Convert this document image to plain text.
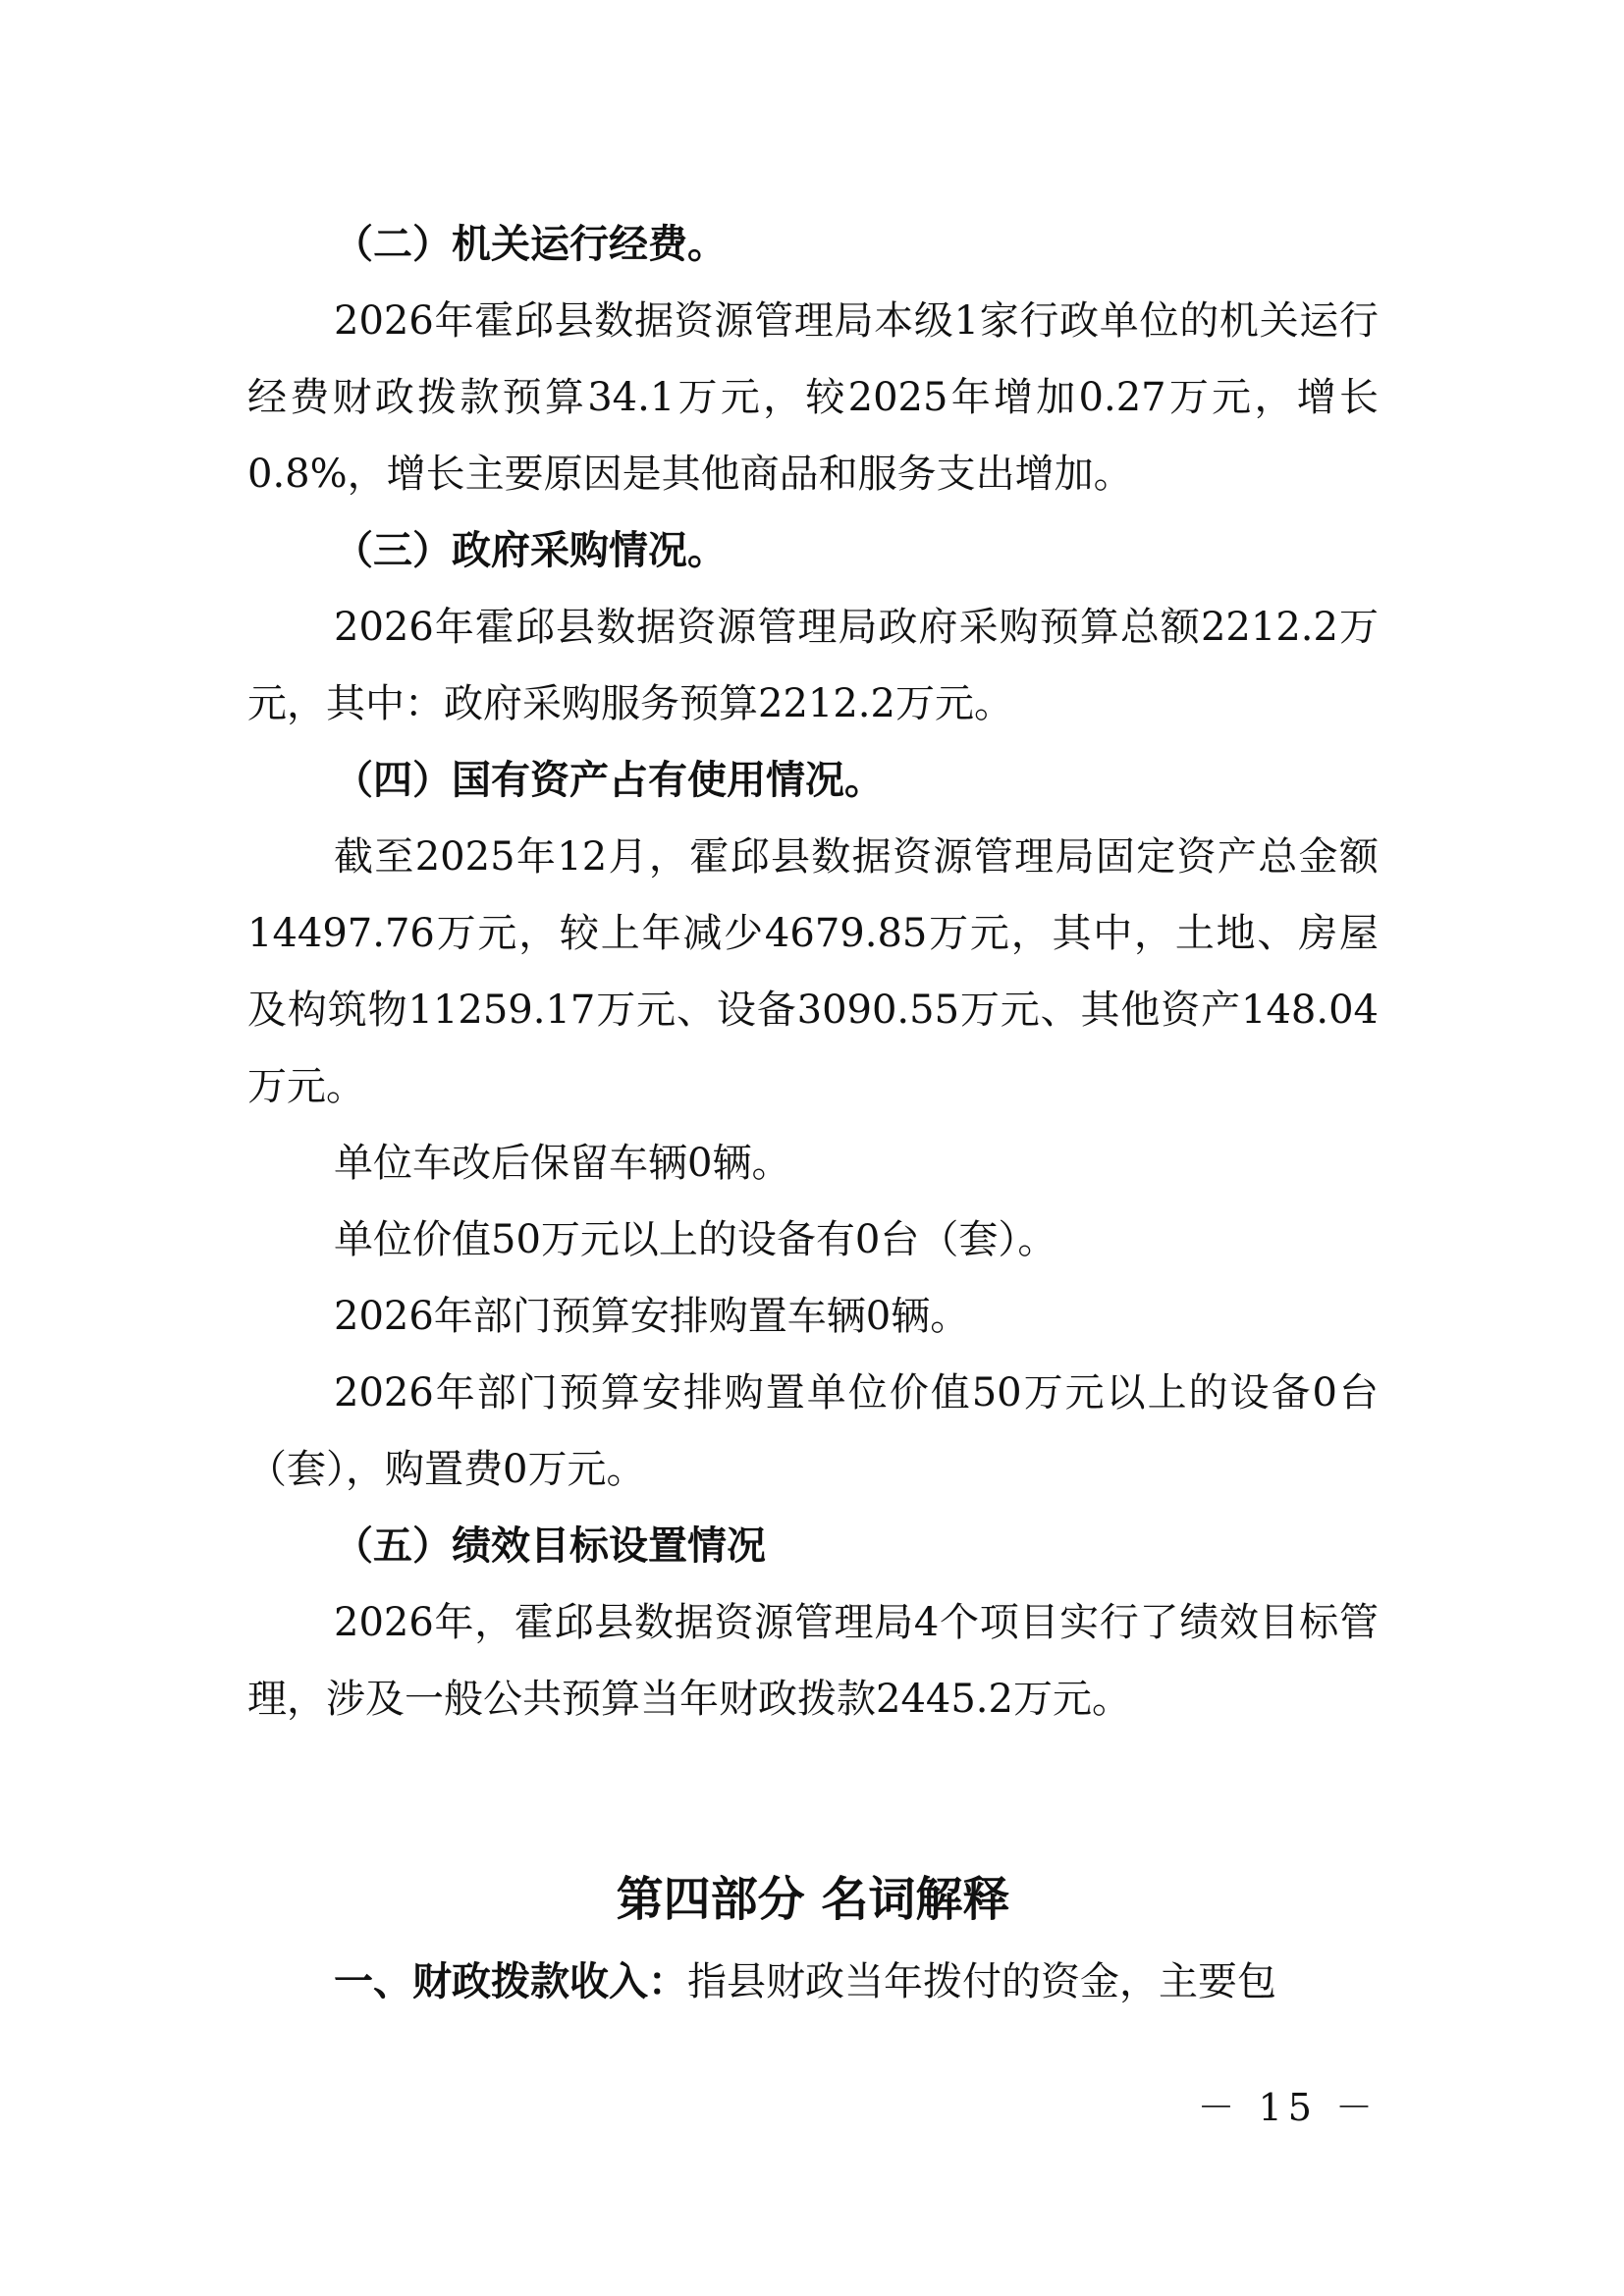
（二）机关运行经费。

2026年霍邱县数据资源管理局本级1家行政单位的机关运行经费财政拨款预算34.1万元，较2025年增加0.27万元，增长0.8%，增长主要原因是其他商品和服务支出增加。

（三）政府采购情况。

2026年霍邱县数据资源管理局政府采购预算总额2212.2万元，其中：政府采购服务预算2212.2万元。

（四）国有资产占有使用情况。

截至2025年12月，霍邱县数据资源管理局固定资产总金额14497.76万元，较上年减少4679.85万元，其中，土地、房屋及构筑物11259.17万元、设备3090.55万元、其他资产148.04万元。

单位车改后保留车辆0辆。

单位价值50万元以上的设备有0台（套）。

2026年部门预算安排购置车辆0辆。

2026年部门预算安排购置单位价值50万元以上的设备0台（套），购置费0万元。

（五）绩效目标设置情况

2026年，霍邱县数据资源管理局4个项目实行了绩效目标管理，涉及一般公共预算当年财政拨款2445.2万元。

第四部分 名词解释

一、财政拨款收入：指县财政当年拨付的资金，主要包

－ 15 －
